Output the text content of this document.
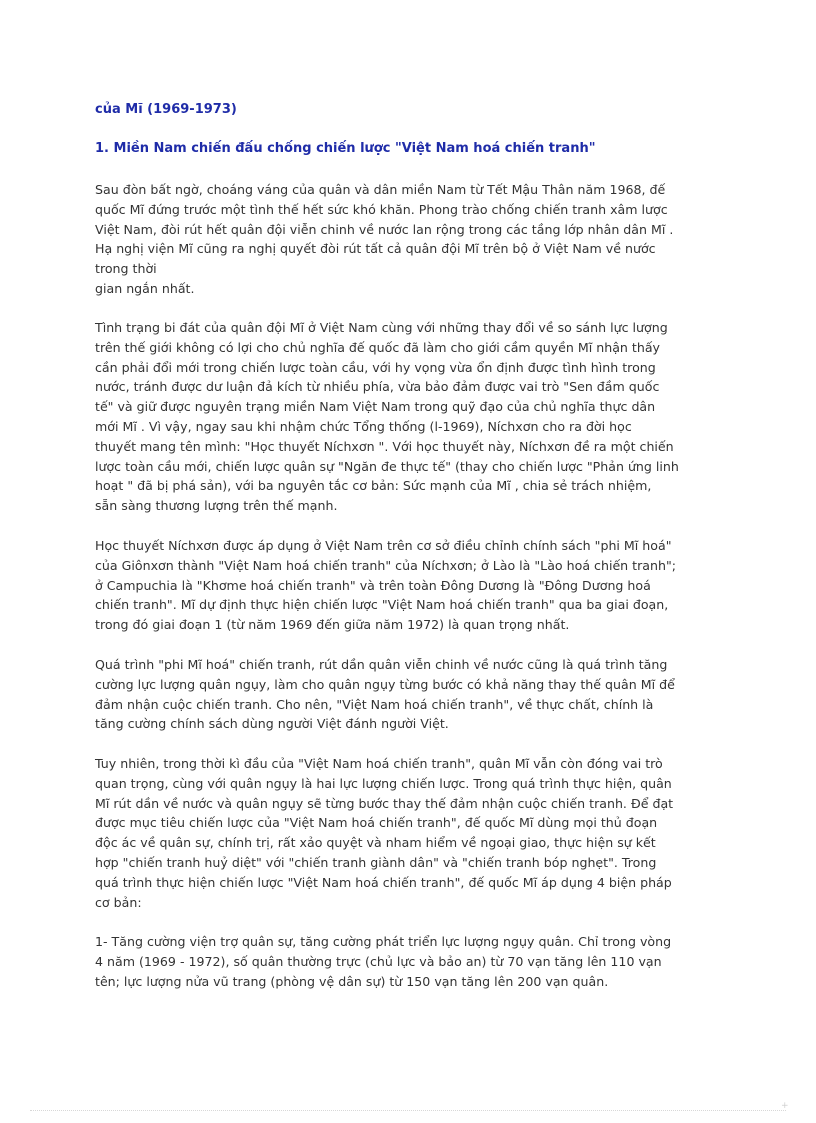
của Mĩ (1969-1973)
1. Miền Nam chiến đấu chống chiến lược "Việt Nam hoá chiến tranh"

Sau đòn bất ngờ, choáng váng của quân và dân miền Nam từ Tết Mậu Thân năm 1968, đế
quốc Mĩ đứng trước một tình thế hết sức khó khăn. Phong trào chống chiến tranh xâm lược
Việt Nam, đòi rút hết quân đội viễn chinh về nước lan rộng trong các tầng lớp nhân dân Mĩ .
Hạ nghị viện Mĩ cũng ra nghị quyết đòi rút tất cả quân đội Mĩ trên bộ ở Việt Nam về nước
trong thời
gian ngắn nhất.

Tình trạng bi đát của quân đội Mĩ ở Việt Nam cùng với những thay đổi về so sánh lực lượng
trên thế giới không có lợi cho chủ nghĩa đế quốc đã làm cho giới cầm quyền Mĩ nhận thấy
cần phải đổi mới trong chiến lược toàn cầu, với hy vọng vừa ổn định được tình hình trong
nước, tránh được dư luận đả kích từ nhiều phía, vừa bảo đảm được vai trò "Sen đầm quốc
tế" và giữ được nguyên trạng miền Nam Việt Nam trong quỹ đạo của chủ nghĩa thực dân
mới Mĩ . Vì vậy, ngay sau khi nhậm chức Tổng thống (l-1969), Níchxơn cho ra đời học
thuyết mang tên mình: "Học thuyết Níchxơn ". Với học thuyết này, Níchxơn đề ra một chiến
lược toàn cầu mới, chiến lược quân sự "Ngăn đe thực tế" (thay cho chiến lược "Phản ứng linh
hoạt " đã bị phá sản), với ba nguyên tắc cơ bản: Sức mạnh của Mĩ , chia sẻ trách nhiệm,
sẵn sàng thương lượng trên thế mạnh.

Học thuyết Níchxơn được áp dụng ở Việt Nam trên cơ sở điều chỉnh chính sách "phi Mĩ hoá"
của Giônxơn thành "Việt Nam hoá chiến tranh" của Níchxơn; ở Lào là "Lào hoá chiến tranh";
ở Campuchia là "Khơme hoá chiến tranh" và trên toàn Đông Dương là "Đông Dương hoá
chiến tranh". Mĩ dự định thực hiện chiến lược "Việt Nam hoá chiến tranh" qua ba giai đoạn,
trong đó giai đoạn 1 (từ năm 1969 đến giữa năm 1972) là quan trọng nhất.

Quá trình "phi Mĩ hoá" chiến tranh, rút dần quân viễn chinh về nước cũng là quá trình tăng
cường lực lượng quân ngụy, làm cho quân ngụy từng bước có khả năng thay thế quân Mĩ để
đảm nhận cuộc chiến tranh. Cho nên, "Việt Nam hoá chiến tranh", về thực chất, chính là
tăng cường chính sách dùng người Việt đánh người Việt.

Tuy nhiên, trong thời kì đầu của "Việt Nam hoá chiến tranh", quân Mĩ vẫn còn đóng vai trò
quan trọng, cùng với quân ngụy là hai lực lượng chiến lược. Trong quá trình thực hiện, quân
Mĩ rút dần về nước và quân ngụy sẽ từng bước thay thế đảm nhận cuộc chiến tranh. Để đạt
được mục tiêu chiến lược của "Việt Nam hoá chiến tranh", đế quốc Mĩ dùng mọi thủ đoạn
độc ác về quân sự, chính trị, rất xảo quyệt và nham hiểm về ngoại giao, thực hiện sự kết
hợp "chiến tranh huỷ diệt" với "chiến tranh giành dân" và "chiến tranh bóp nghẹt". Trong
quá trình thực hiện chiến lược "Việt Nam hoá chiến tranh", đế quốc Mĩ áp dụng 4 biện pháp
cơ bản:

1- Tăng cường viện trợ quân sự, tăng cường phát triển lực lượng ngụy quân. Chỉ trong vòng
4 năm (1969 - 1972), số quân thường trực (chủ lực và bảo an) từ 70 vạn tăng lên 110 vạn
tên; lực lượng nửa vũ trang (phòng vệ dân sự) từ 150 vạn tăng lên 200 vạn quân.

+
